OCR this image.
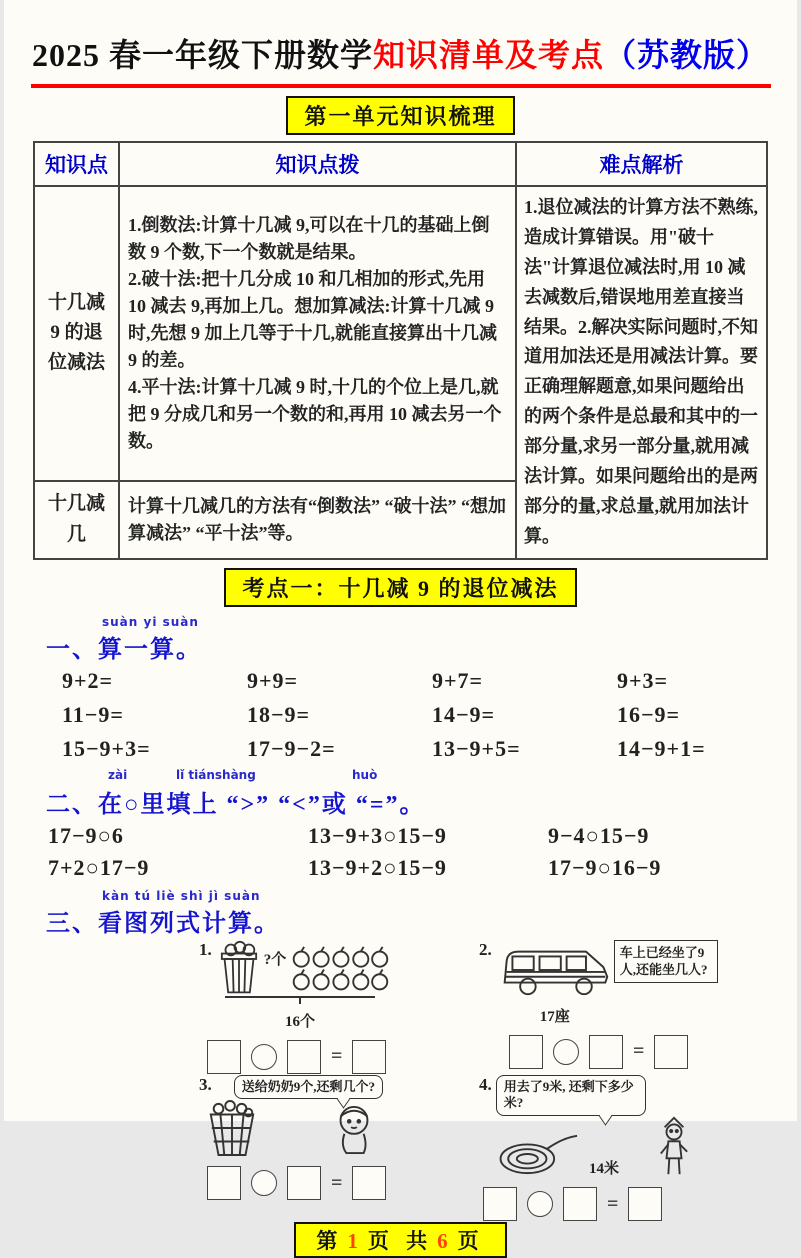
2025 春一年级下册数学知识清单及考点（苏教版）
第一单元知识梳理
知识点	知识点拨	难点解析
十几减
9 的退
位减法	1.倒数法:计算十几减 9,可以在十几的基础上倒数 9 个数,下一个数就是结果。
2.破十法:把十几分成 10 和几相加的形式,先用 10 减去 9,再加上几。想加算减法:计算十几减 9 时,先想 9 加上几等于十几,就能直接算出十几减
9 的差。
4.平十法:计算十几减 9 时,十几的个位上是几,就把 9 分成几和另一个数的和,再用 10 减去另一个数。	1.退位减法的计算方法不熟练,造成计算错误。用"破十法"计算退位减法时,用 10 减去减数后,错误地用差直接当结果。2.解决实际问题时,不知道用加法还是用减法计算。要正确理解题意,如果问题给出的两个条件是总最和其中的一部分量,求另一部分量,就用减法计算。如果问题给出的是两部分的量,求总量,就用加法计算。
十几减
几	计算十几减几的方法有“倒数法” “破十法” “想加算减法” “平十法”等。	
考点一：十几减 9 的退位减法
suàn yi suàn
一、算一算。
9+2=	9+9=	9+7=	9+3=
11−9=	18−9=	14−9=	16−9=
15−9+3=	17−9−2=	13−9+5=	14−9+1=
zài	lǐ tiánshàng	huò
二、在○里填上 “>” “<”或 “=”。
17−9○6	13−9+3○15−9	9−4○15−9
7+2○17−9	13−9+2○15−9	17−9○16−9
kàn tú liè shì jì suàn
三、看图列式计算。
1.
?个
16个
=
2.
17座
车上已经坐了9人,还能坐几人?
=
3.	送给奶奶9个,还剩几个?
=
4. 用去了9米, 还剩下多少米?
14米
=
第 1 页 共 6 页
